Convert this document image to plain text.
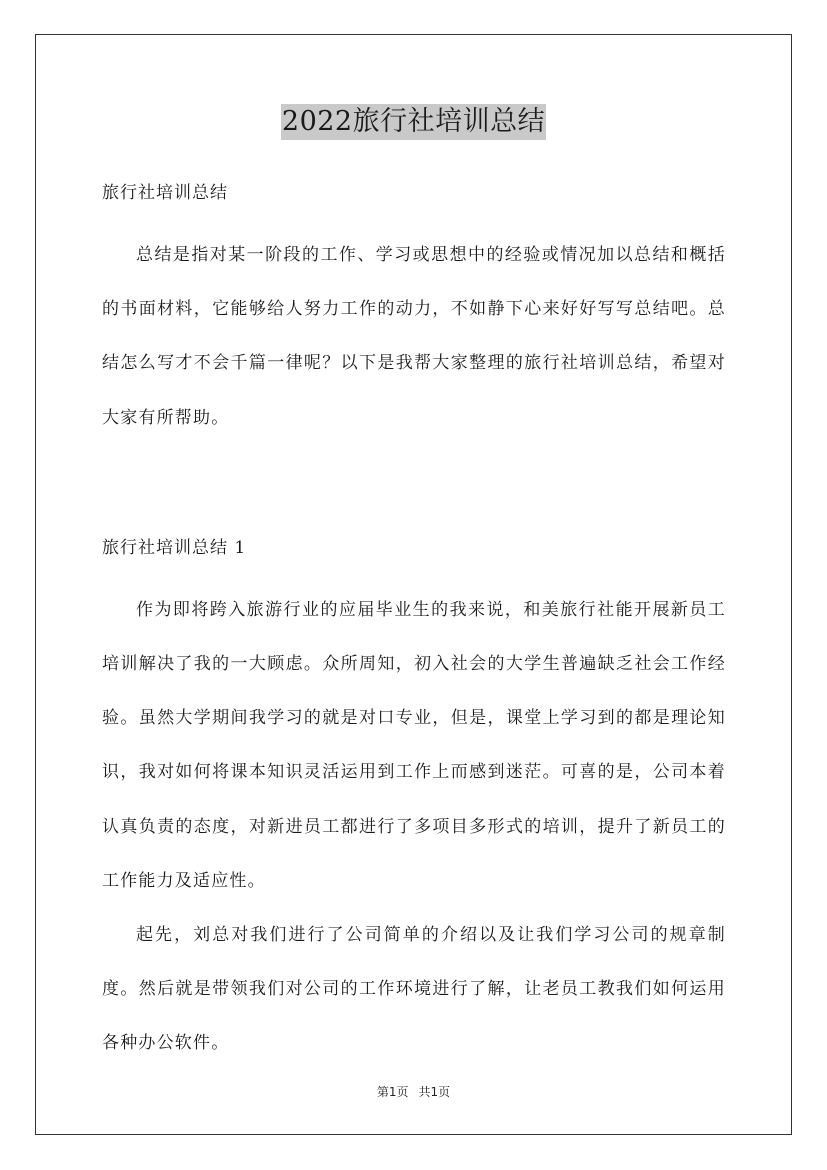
2022旅行社培训总结

旅行社培训总结

总结是指对某一阶段的工作、学习或思想中的经验或情况加以总结和概括的书面材料，它能够给人努力工作的动力，不如静下心来好好写写总结吧。总结怎么写才不会千篇一律呢？以下是我帮大家整理的旅行社培训总结，希望对大家有所帮助。

旅行社培训总结 1

作为即将跨入旅游行业的应届毕业生的我来说，和美旅行社能开展新员工培训解决了我的一大顾虑。众所周知，初入社会的大学生普遍缺乏社会工作经验。虽然大学期间我学习的就是对口专业，但是，课堂上学习到的都是理论知识，我对如何将课本知识灵活运用到工作上而感到迷茫。可喜的是，公司本着认真负责的态度，对新进员工都进行了多项目多形式的培训，提升了新员工的工作能力及适应性。

起先，刘总对我们进行了公司简单的介绍以及让我们学习公司的规章制度。然后就是带领我们对公司的工作环境进行了解，让老员工教我们如何运用各种办公软件。

第1页 共1页
